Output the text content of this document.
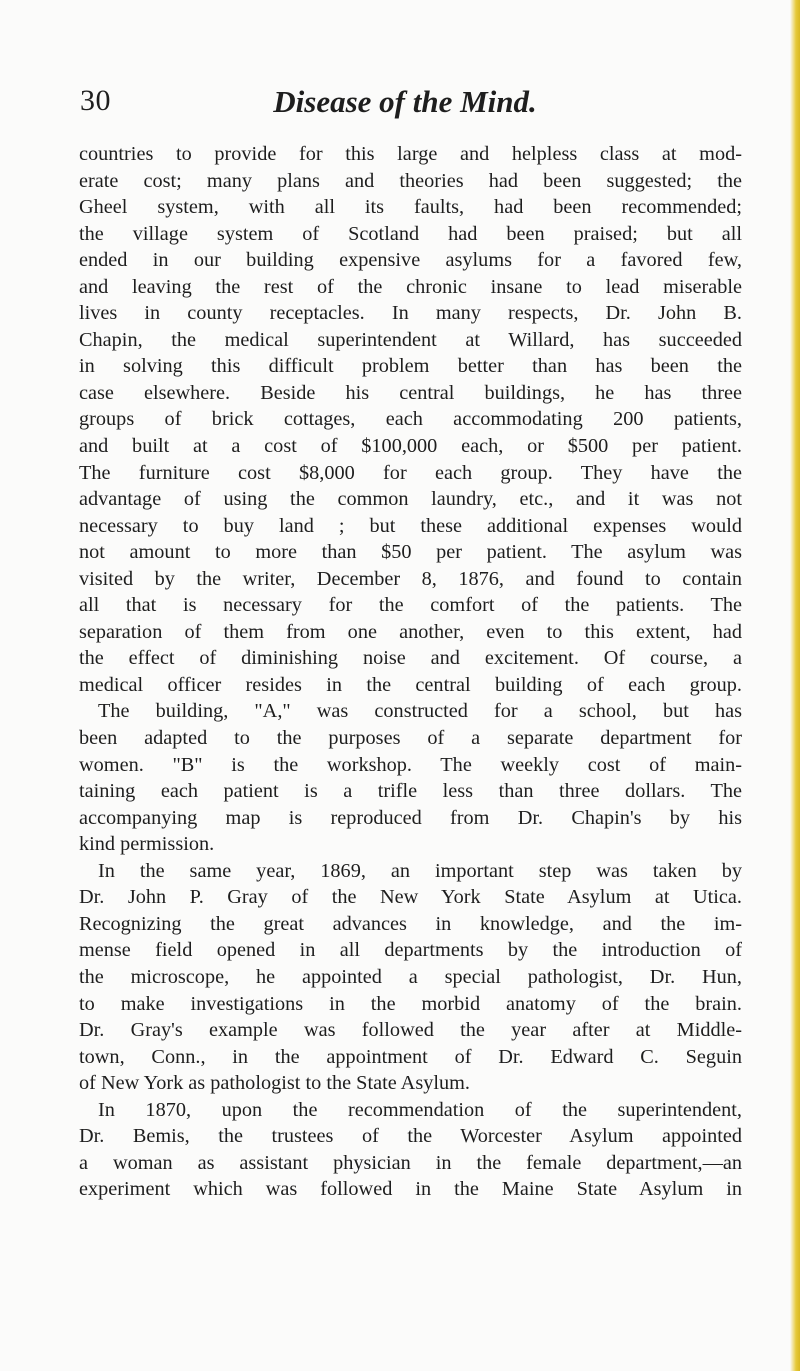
30	Disease of the Mind.
countries to provide for this large and helpless class at mod-
erate cost; many plans and theories had been suggested; the
Gheel system, with all its faults, had been recommended;
the village system of Scotland had been praised; but all
ended in our building expensive asylums for a favored few,
and leaving the rest of the chronic insane to lead miserable
lives in county receptacles. In many respects, Dr. John B.
Chapin, the medical superintendent at Willard, has succeeded
in solving this difficult problem better than has been the
case elsewhere. Beside his central buildings, he has three
groups of brick cottages, each accommodating 200 patients,
and built at a cost of $100,000 each, or $500 per patient.
The furniture cost $8,000 for each group. They have the
advantage of using the common laundry, etc., and it was not
necessary to buy land ; but these additional expenses would
not amount to more than $50 per patient. The asylum was
visited by the writer, December 8, 1876, and found to contain
all that is necessary for the comfort of the patients. The
separation of them from one another, even to this extent, had
the effect of diminishing noise and excitement. Of course, a
medical officer resides in the central building of each group.
The building, "A," was constructed for a school, but has
been adapted to the purposes of a separate department for
women. "B" is the workshop. The weekly cost of main-
taining each patient is a trifle less than three dollars. The
accompanying map is reproduced from Dr. Chapin's by his
kind permission.
In the same year, 1869, an important step was taken by
Dr. John P. Gray of the New York State Asylum at Utica.
Recognizing the great advances in knowledge, and the im-
mense field opened in all departments by the introduction of
the microscope, he appointed a special pathologist, Dr. Hun,
to make investigations in the morbid anatomy of the brain.
Dr. Gray's example was followed the year after at Middle-
town, Conn., in the appointment of Dr. Edward C. Seguin
of New York as pathologist to the State Asylum.
In 1870, upon the recommendation of the superintendent,
Dr. Bemis, the trustees of the Worcester Asylum appointed
a woman as assistant physician in the female department,—an
experiment which was followed in the Maine State Asylum in
